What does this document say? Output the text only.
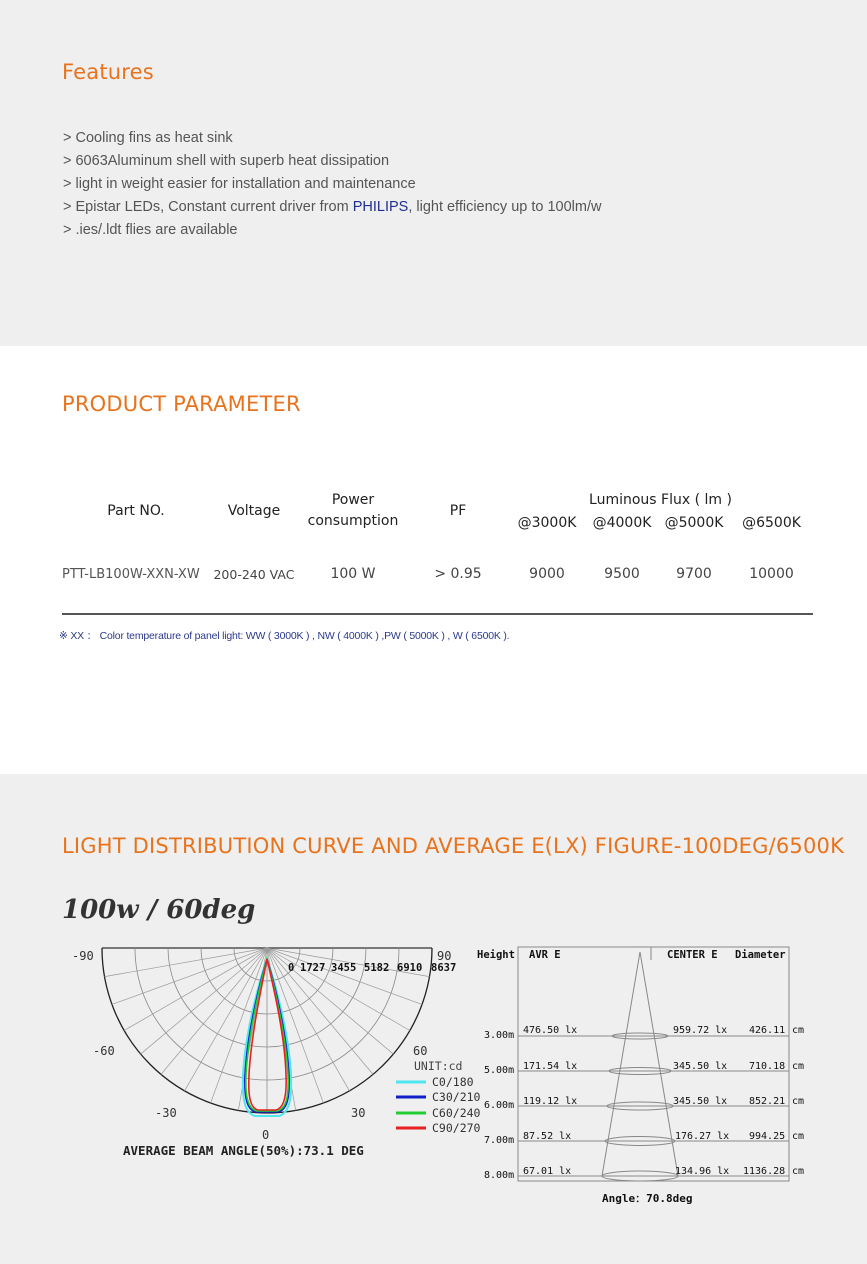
Features
> Cooling fins as heat sink
> 6063Aluminum shell with superb heat dissipation
> light in weight easier for installation and maintenance
> Epistar LEDs, Constant current driver from PHILIPS, light efficiency up to 100lm/w
> .ies/.ldt flies are available
PRODUCT PARAMETER
Part NO.	Voltage	Power
consumption	PF	Luminous Flux ( lm )			
				@3000K	@4000K	@5000K	@6500K

PTT-LB100W-XXN-XW	200-240 VAC	100 W	> 0.95	9000	9500	9700	10000
※ XX ： Color temperature of panel light: WW ( 3000K ) , NW ( 4000K ) ,PW ( 5000K ) , W ( 6500K ).
LIGHT DISTRIBUTION CURVE AND AVERAGE E(LX) FIGURE-100DEG/6500K
100w / 60deg
-90	90
-60	60
-30	30
0
0 1727 3455 5182 6910 8637
UNIT:cd
C0/180
C30/210
C60/240
C90/270
AVERAGE BEAM ANGLE(50%):73.1 DEG
Height AVR E	CENTER E Diameter
3.00m 476.50 lx	959.72 lx 426.11 cm
5.00m 171.54 lx	345.50 lx 710.18 cm
6.00m 119.12 lx	345.50 lx 852.21 cm
7.00m 87.52 lx	176.27 lx 994.25 cm
8.00m 67.01 lx	134.96 lx 1136.28 cm
Angle：70.8deg
